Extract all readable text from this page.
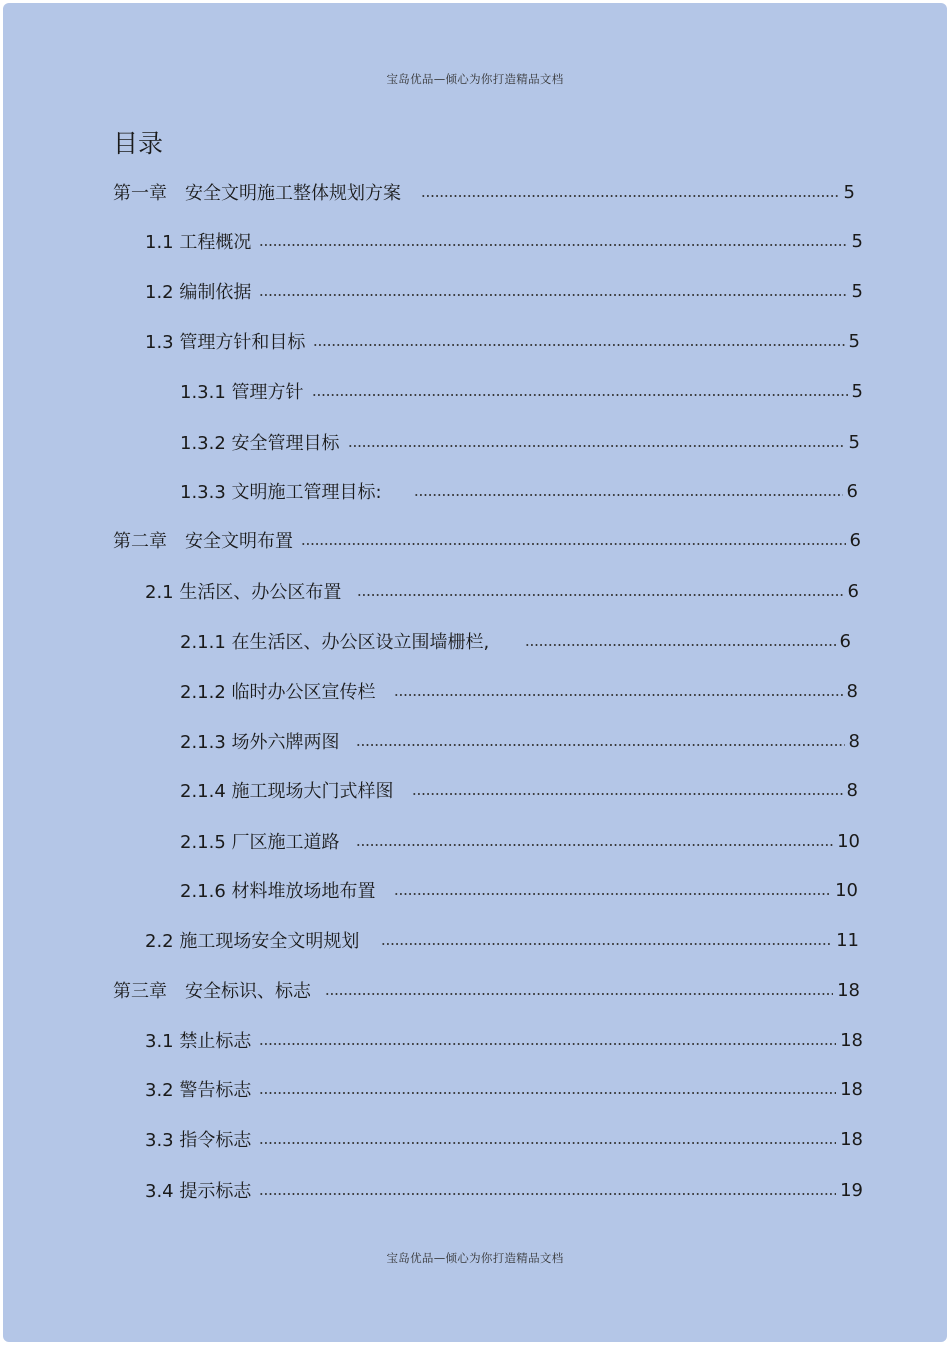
宝岛优品—倾心为你打造精品文档
目录
第一章　安全文明施工整体规划方案	5
1.1 工程概况	5
1.2 编制依据	5
1.3 管理方针和目标	5
1.3.1 管理方针	5
1.3.2 安全管理目标	5
1.3.3 文明施工管理目标:	6
第二章　安全文明布置	6
2.1 生活区、办公区布置	6
2.1.1 在生活区、办公区设立围墙栅栏,	6
2.1.2 临时办公区宣传栏	8
2.1.3 场外六牌两图	8
2.1.4 施工现场大门式样图	8
2.1.5 厂区施工道路	10
2.1.6 材料堆放场地布置	10
2.2 施工现场安全文明规划	11
第三章　安全标识、标志	18
3.1 禁止标志	18
3.2 警告标志	18
3.3 指令标志	18
3.4 提示标志	19
宝岛优品—倾心为你打造精品文档
